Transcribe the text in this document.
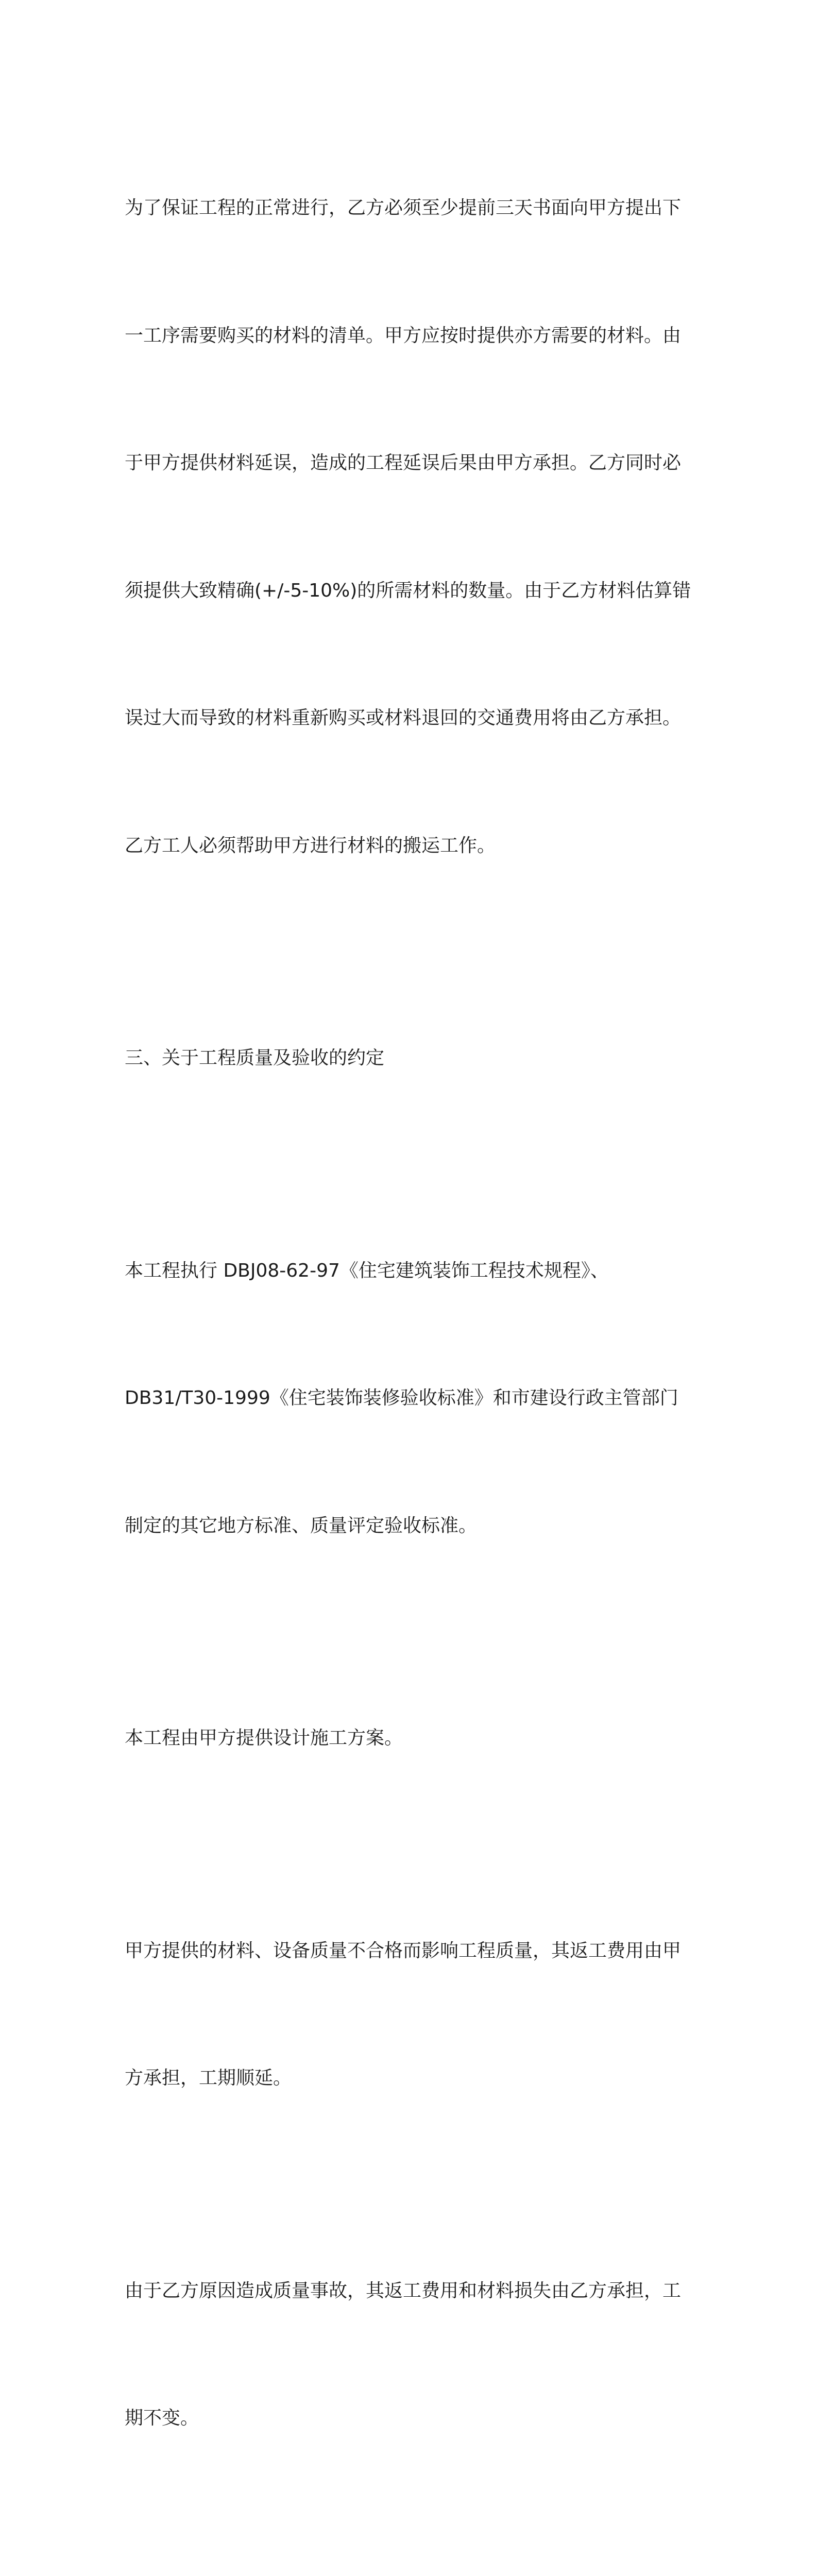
为了保证工程的正常进行，乙方必须至少提前三天书面向甲方提出下

一工序需要购买的材料的清单。甲方应按时提供亦方需要的材料。由

于甲方提供材料延误，造成的工程延误后果由甲方承担。乙方同时必

须提供大致精确(+/-5-10%)的所需材料的数量。由于乙方材料估算错

误过大而导致的材料重新购买或材料退回的交通费用将由乙方承担。

乙方工人必须帮助甲方进行材料的搬运工作。

三、关于工程质量及验收的约定

本工程执行 DBJ08-62-97《住宅建筑装饰工程技术规程》、

DB31/T30-1999《住宅装饰装修验收标准》和市建设行政主管部门

制定的其它地方标准、质量评定验收标准。

本工程由甲方提供设计施工方案。

甲方提供的材料、设备质量不合格而影响工程质量，其返工费用由甲

方承担，工期顺延。

由于乙方原因造成质量事故，其返工费用和材料损失由乙方承担，工

期不变。
